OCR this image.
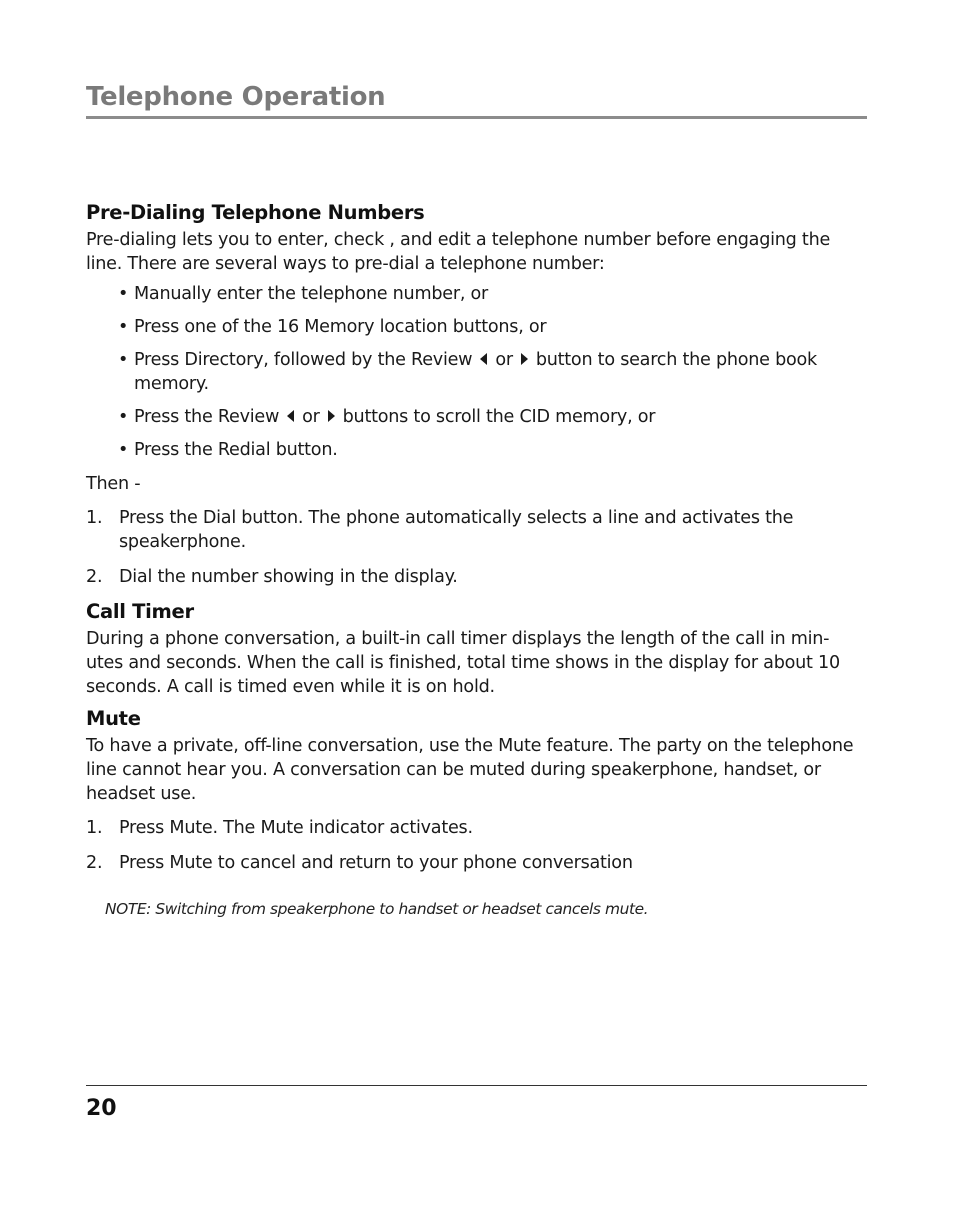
Telephone Operation
Pre-Dialing Telephone Numbers

Pre-dialing lets you to enter, check , and edit a telephone number before engaging the line. There are several ways to pre-dial a telephone number:

• Manually enter the telephone number, or
• Press one of the 16 Memory location buttons, or
• Press Directory, followed by the Review or button to search the phone book memory.
• Press the Review or buttons to scroll the CID memory, or
• Press the Redial button.

Then -

1. Press the Dial button. The phone automatically selects a line and activates the speakerphone.
2. Dial the number showing in the display.
Call Timer

During a phone conversation, a built-in call timer displays the length of the call in min-utes and seconds. When the call is finished, total time shows in the display for about 10 seconds. A call is timed even while it is on hold.

Mute

To have a private, off-line conversation, use the Mute feature. The party on the telephone line cannot hear you. A conversation can be muted during speakerphone, handset, or headset use.

1. Press Mute. The Mute indicator activates.
2. Press Mute to cancel and return to your phone conversation

NOTE: Switching from speakerphone to handset or headset cancels mute.

20
